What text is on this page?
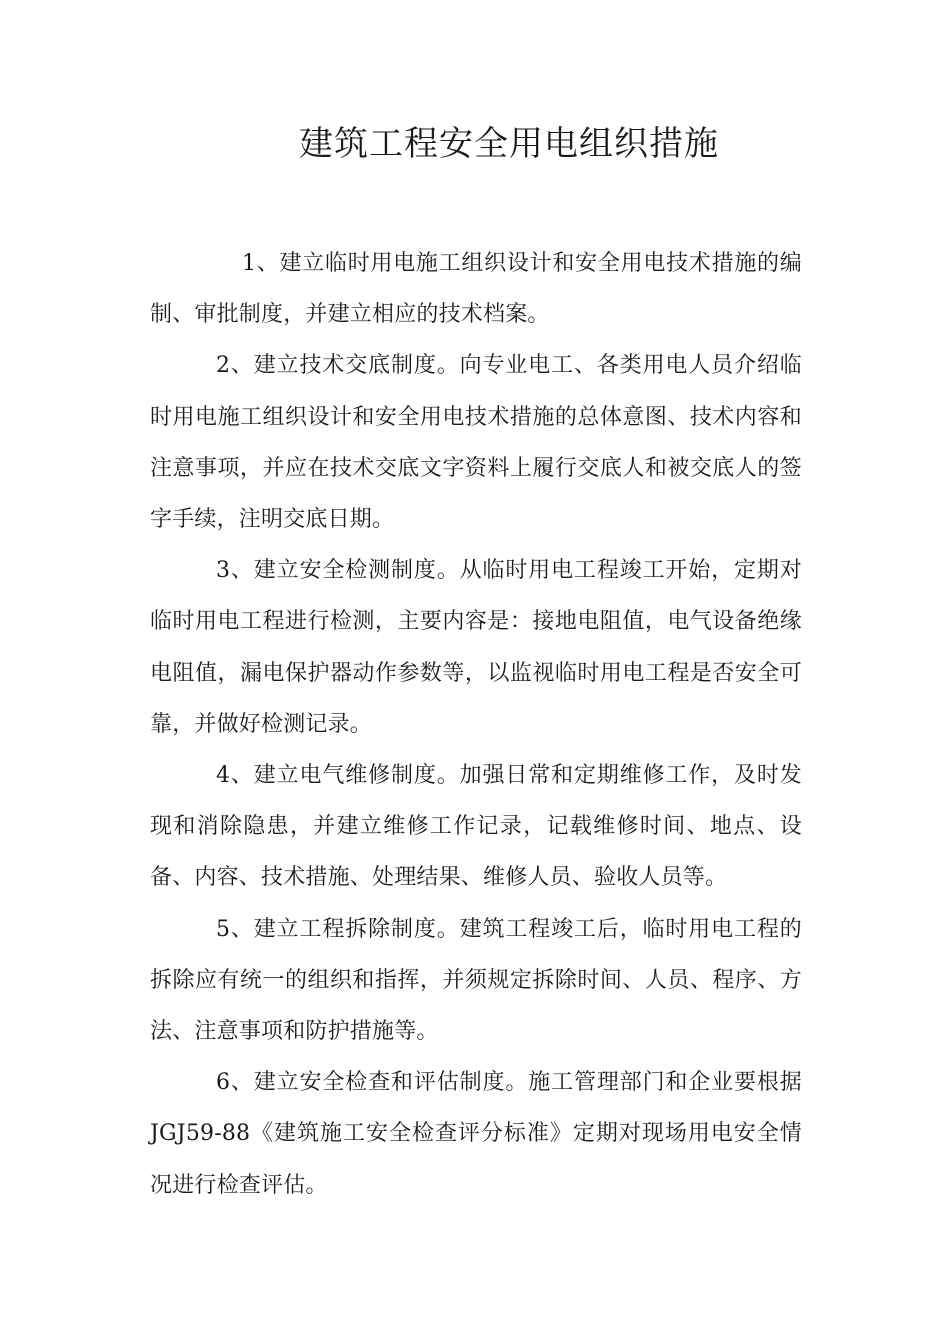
建筑工程安全用电组织措施

1、建立临时用电施工组织设计和安全用电技术措施的编制、审批制度，并建立相应的技术档案。

2、建立技术交底制度。向专业电工、各类用电人员介绍临时用电施工组织设计和安全用电技术措施的总体意图、技术内容和注意事项，并应在技术交底文字资料上履行交底人和被交底人的签字手续，注明交底日期。

3、建立安全检测制度。从临时用电工程竣工开始，定期对临时用电工程进行检测，主要内容是：接地电阻值，电气设备绝缘电阻值，漏电保护器动作参数等，以监视临时用电工程是否安全可靠，并做好检测记录。

4、建立电气维修制度。加强日常和定期维修工作，及时发现和消除隐患，并建立维修工作记录，记载维修时间、地点、设备、内容、技术措施、处理结果、维修人员、验收人员等。

5、建立工程拆除制度。建筑工程竣工后，临时用电工程的拆除应有统一的组织和指挥，并须规定拆除时间、人员、程序、方法、注意事项和防护措施等。

6、建立安全检查和评估制度。施工管理部门和企业要根据JGJ59-88《建筑施工安全检查评分标准》定期对现场用电安全情况进行检查评估。
